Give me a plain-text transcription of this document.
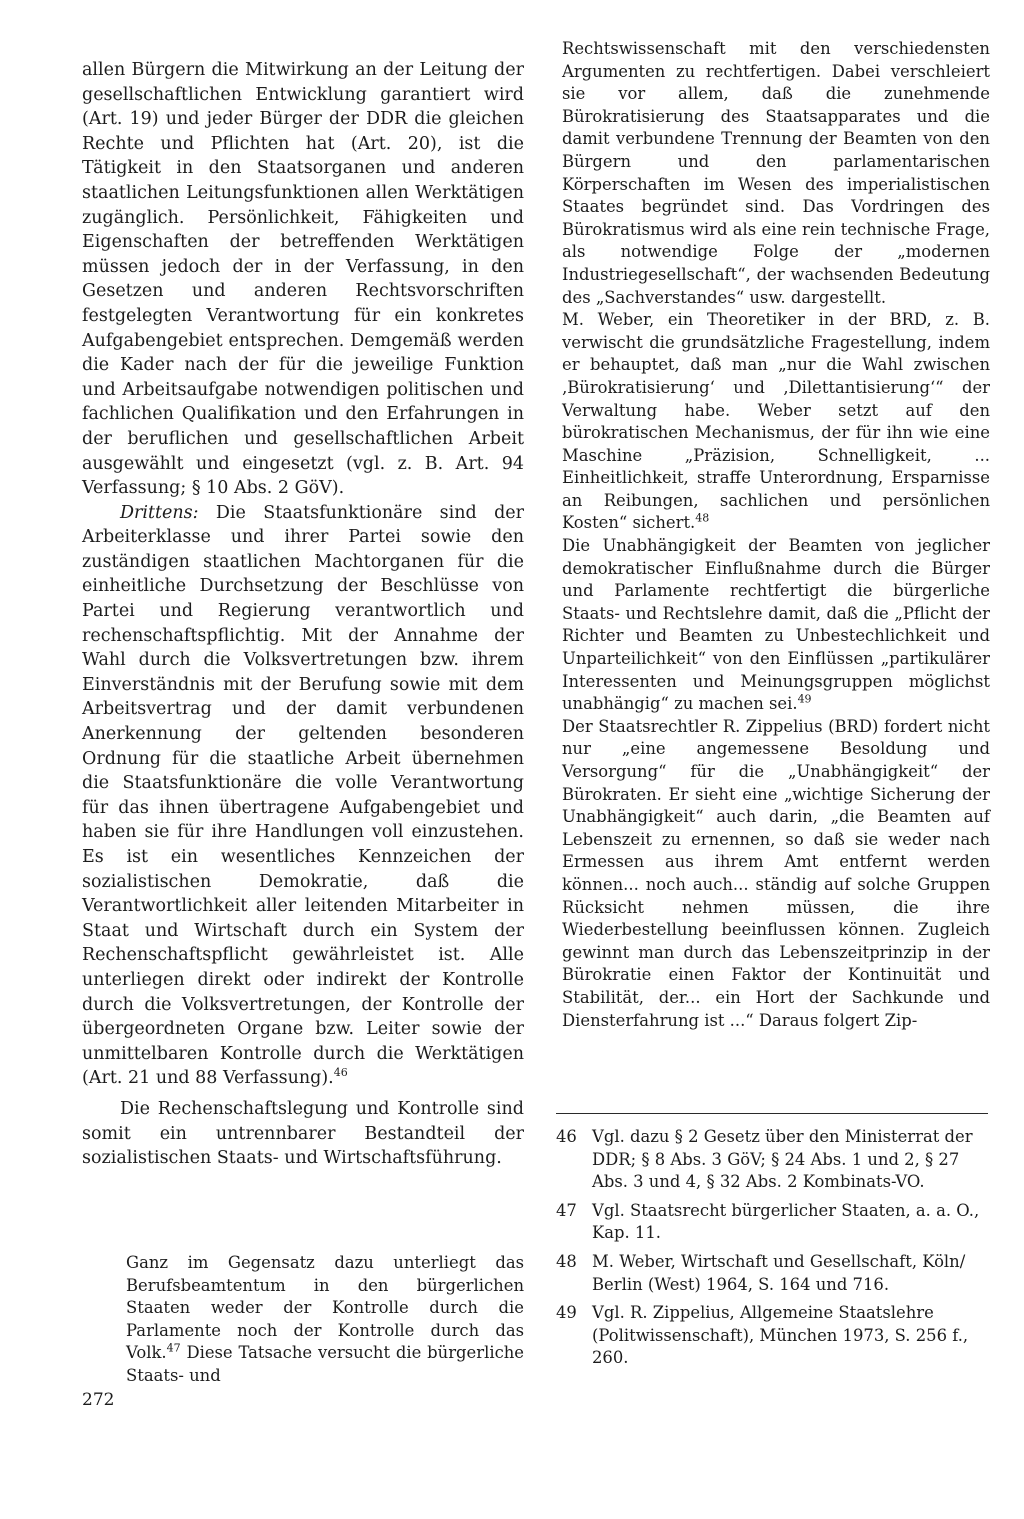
allen Bürgern die Mitwirkung an der Leitung der gesellschaftlichen Entwicklung garantiert wird (Art. 19) und jeder Bürger der DDR die gleichen Rechte und Pflichten hat (Art. 20), ist die Tätigkeit in den Staatsorganen und anderen staatlichen Leitungsfunktionen allen Werktätigen zugänglich. Persönlichkeit, Fähigkeiten und Eigenschaften der betreffenden Werktätigen müssen jedoch der in der Verfassung, in den Gesetzen und anderen Rechtsvorschriften festgelegten Verantwortung für ein konkretes Aufgabengebiet entsprechen. Demgemäß werden die Kader nach der für die jeweilige Funktion und Arbeitsaufgabe notwendigen politischen und fachlichen Qualifikation und den Erfahrungen in der beruflichen und gesellschaftlichen Arbeit ausgewählt und eingesetzt (vgl. z. B. Art. 94 Verfassung; § 10 Abs. 2 GöV).

Drittens: Die Staatsfunktionäre sind der Arbeiterklasse und ihrer Partei sowie den zuständigen staatlichen Machtorganen für die einheitliche Durchsetzung der Beschlüsse von Partei und Regierung verantwortlich und rechenschaftspflichtig. Mit der Annahme der Wahl durch die Volksvertretungen bzw. ihrem Einverständnis mit der Berufung sowie mit dem Arbeitsvertrag und der damit verbundenen Anerkennung der geltenden besonderen Ordnung für die staatliche Arbeit übernehmen die Staatsfunktionäre die volle Verantwortung für das ihnen übertragene Aufgabengebiet und haben sie für ihre Handlungen voll einzustehen. Es ist ein wesentliches Kennzeichen der sozialistischen Demokratie, daß die Verantwortlichkeit aller leitenden Mitarbeiter in Staat und Wirtschaft durch ein System der Rechenschaftspflicht gewährleistet ist. Alle unterliegen direkt oder indirekt der Kontrolle durch die Volksvertretungen, der Kontrolle der übergeordneten Organe bzw. Leiter sowie der unmittelbaren Kontrolle durch die Werktätigen (Art. 21 und 88 Verfassung).$^{46}$

Die Rechenschaftslegung und Kontrolle sind somit ein untrennbarer Bestandteil der sozialistischen Staats- und Wirtschaftsführung.

Ganz im Gegensatz dazu unterliegt das Berufsbeamtentum in den bürgerlichen Staaten weder der Kontrolle durch die Parlamente noch der Kontrolle durch das Volk.$^{47}$ Diese Tatsache versucht die bürgerliche Staats- und

Rechtswissenschaft mit den verschiedensten Argumenten zu rechtfertigen. Dabei verschleiert sie vor allem, daß die zunehmende Bürokratisierung des Staatsapparates und die damit verbundene Trennung der Beamten von den Bürgern und den parlamentarischen Körperschaften im Wesen des imperialistischen Staates begründet sind. Das Vordringen des Bürokratismus wird als eine rein technische Frage, als notwendige Folge der „modernen Industriegesellschaft“, der wachsenden Bedeutung des „Sachverstandes“ usw. dargestellt.

M. Weber, ein Theoretiker in der BRD, z. B. verwischt die grundsätzliche Fragestellung, indem er behauptet, daß man „nur die Wahl zwischen ‚Bürokratisierung‘ und ‚Dilettantisierung‘“ der Verwaltung habe. Weber setzt auf den bürokratischen Mechanismus, der für ihn wie eine Maschine „Präzision, Schnelligkeit, ... Einheitlichkeit, straffe Unterordnung, Ersparnisse an Reibungen, sachlichen und persönlichen Kosten“ sichert.$^{48}$

Die Unabhängigkeit der Beamten von jeglicher demokratischer Einflußnahme durch die Bürger und Parlamente rechtfertigt die bürgerliche Staats- und Rechtslehre damit, daß die „Pflicht der Richter und Beamten zu Unbestechlichkeit und Unparteilichkeit“ von den Einflüssen „partikulärer Interessenten und Meinungsgruppen möglichst unabhängig“ zu machen sei.$^{49}$

Der Staatsrechtler R. Zippelius (BRD) fordert nicht nur „eine angemessene Besoldung und Versorgung“ für die „Unabhängigkeit“ der Bürokraten. Er sieht eine „wichtige Sicherung der Unabhängigkeit“ auch darin, „die Beamten auf Lebenszeit zu ernennen, so daß sie weder nach Ermessen aus ihrem Amt entfernt werden können... noch auch... ständig auf solche Gruppen Rücksicht nehmen müssen, die ihre Wiederbestellung beeinflussen können. Zugleich gewinnt man durch das Lebenszeitprinzip in der Bürokratie einen Faktor der Kontinuität und Stabilität, der... ein Hort der Sachkunde und Diensterfahrung ist ...“ Daraus folgert Zip-

46 Vgl. dazu § 2 Gesetz über den Ministerrat der DDR; § 8 Abs. 3 GöV; § 24 Abs. 1 und 2, § 27 Abs. 3 und 4, § 32 Abs. 2 Kombinats-VO.
47 Vgl. Staatsrecht bürgerlicher Staaten, a. a. O., Kap. 11.
48 M. Weber, Wirtschaft und Gesellschaft, Köln/ Berlin (West) 1964, S. 164 und 716.
49 Vgl. R. Zippelius, Allgemeine Staatslehre (Politwissenschaft), München 1973, S. 256 f., 260.
272
